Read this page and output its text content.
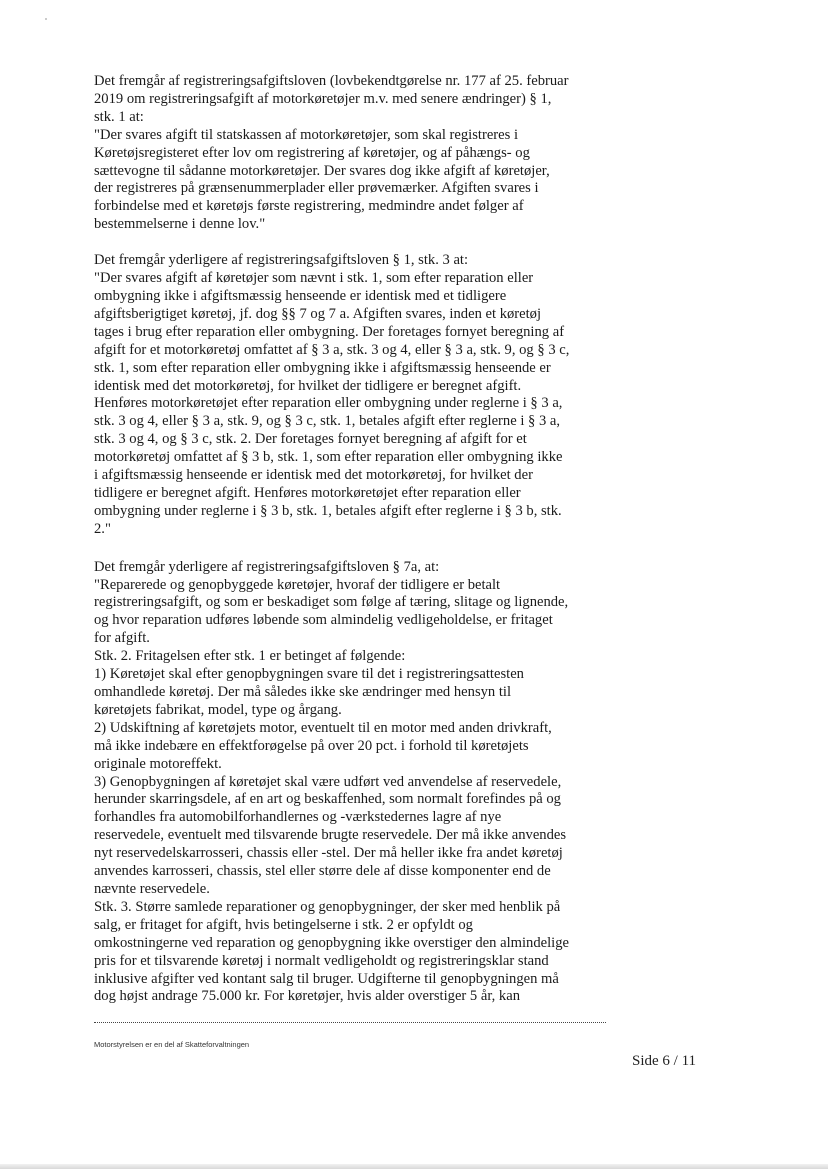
Det fremgår af registreringsafgiftsloven (lovbekendtgørelse nr. 177 af 25. februar

2019 om registreringsafgift af motorkøretøjer m.v. med senere ændringer) § 1,

stk. 1 at:

"Der svares afgift til statskassen af motorkøretøjer, som skal registreres i

Køretøjsregisteret efter lov om registrering af køretøjer, og af påhængs- og

sættevogne til sådanne motorkøretøjer. Der svares dog ikke afgift af køretøjer,

der registreres på grænsenummerplader eller prøvemærker. Afgiften svares i

forbindelse med et køretøjs første registrering, medmindre andet følger af

bestemmelserne i denne lov."

Det fremgår yderligere af registreringsafgiftsloven § 1, stk. 3 at:

"Der svares afgift af køretøjer som nævnt i stk. 1, som efter reparation eller

ombygning ikke i afgiftsmæssig henseende er identisk med et tidligere

afgiftsberigtiget køretøj, jf. dog §§ 7 og 7 a. Afgiften svares, inden et køretøj

tages i brug efter reparation eller ombygning. Der foretages fornyet beregning af

afgift for et motorkøretøj omfattet af § 3 a, stk. 3 og 4, eller § 3 a, stk. 9, og § 3 c,

stk. 1, som efter reparation eller ombygning ikke i afgiftsmæssig henseende er

identisk med det motorkøretøj, for hvilket der tidligere er beregnet afgift.

Henføres motorkøretøjet efter reparation eller ombygning under reglerne i § 3 a,

stk. 3 og 4, eller § 3 a, stk. 9, og § 3 c, stk. 1, betales afgift efter reglerne i § 3 a,

stk. 3 og 4, og § 3 c, stk. 2. Der foretages fornyet beregning af afgift for et

motorkøretøj omfattet af § 3 b, stk. 1, som efter reparation eller ombygning ikke

i afgiftsmæssig henseende er identisk med det motorkøretøj, for hvilket der

tidligere er beregnet afgift. Henføres motorkøretøjet efter reparation eller

ombygning under reglerne i § 3 b, stk. 1, betales afgift efter reglerne i § 3 b, stk.

2."

Det fremgår yderligere af registreringsafgiftsloven § 7a, at:

"Reparerede og genopbyggede køretøjer, hvoraf der tidligere er betalt

registreringsafgift, og som er beskadiget som følge af tæring, slitage og lignende,

og hvor reparation udføres løbende som almindelig vedligeholdelse, er fritaget

for afgift.

Stk. 2. Fritagelsen efter stk. 1 er betinget af følgende:

1) Køretøjet skal efter genopbygningen svare til det i registreringsattesten

omhandlede køretøj. Der må således ikke ske ændringer med hensyn til

køretøjets fabrikat, model, type og årgang.

2) Udskiftning af køretøjets motor, eventuelt til en motor med anden drivkraft,

må ikke indebære en effektforøgelse på over 20 pct. i forhold til køretøjets

originale motoreffekt.

3) Genopbygningen af køretøjet skal være udført ved anvendelse af reservedele,

herunder skarringsdele, af en art og beskaffenhed, som normalt forefindes på og

forhandles fra automobilforhandlernes og -værkstedernes lagre af nye

reservedele, eventuelt med tilsvarende brugte reservedele. Der må ikke anvendes

nyt reservedelskarrosseri, chassis eller -stel. Der må heller ikke fra andet køretøj

anvendes karrosseri, chassis, stel eller større dele af disse komponenter end de

nævnte reservedele.

Stk. 3. Større samlede reparationer og genopbygninger, der sker med henblik på

salg, er fritaget for afgift, hvis betingelserne i stk. 2 er opfyldt og

omkostningerne ved reparation og genopbygning ikke overstiger den almindelige

pris for et tilsvarende køretøj i normalt vedligeholdt og registreringsklar stand

inklusive afgifter ved kontant salg til bruger. Udgifterne til genopbygningen må

dog højst andrage 75.000 kr. For køretøjer, hvis alder overstiger 5 år, kan

Motorstyrelsen er en del af Skatteforvaltningen
Side 6 / 11
